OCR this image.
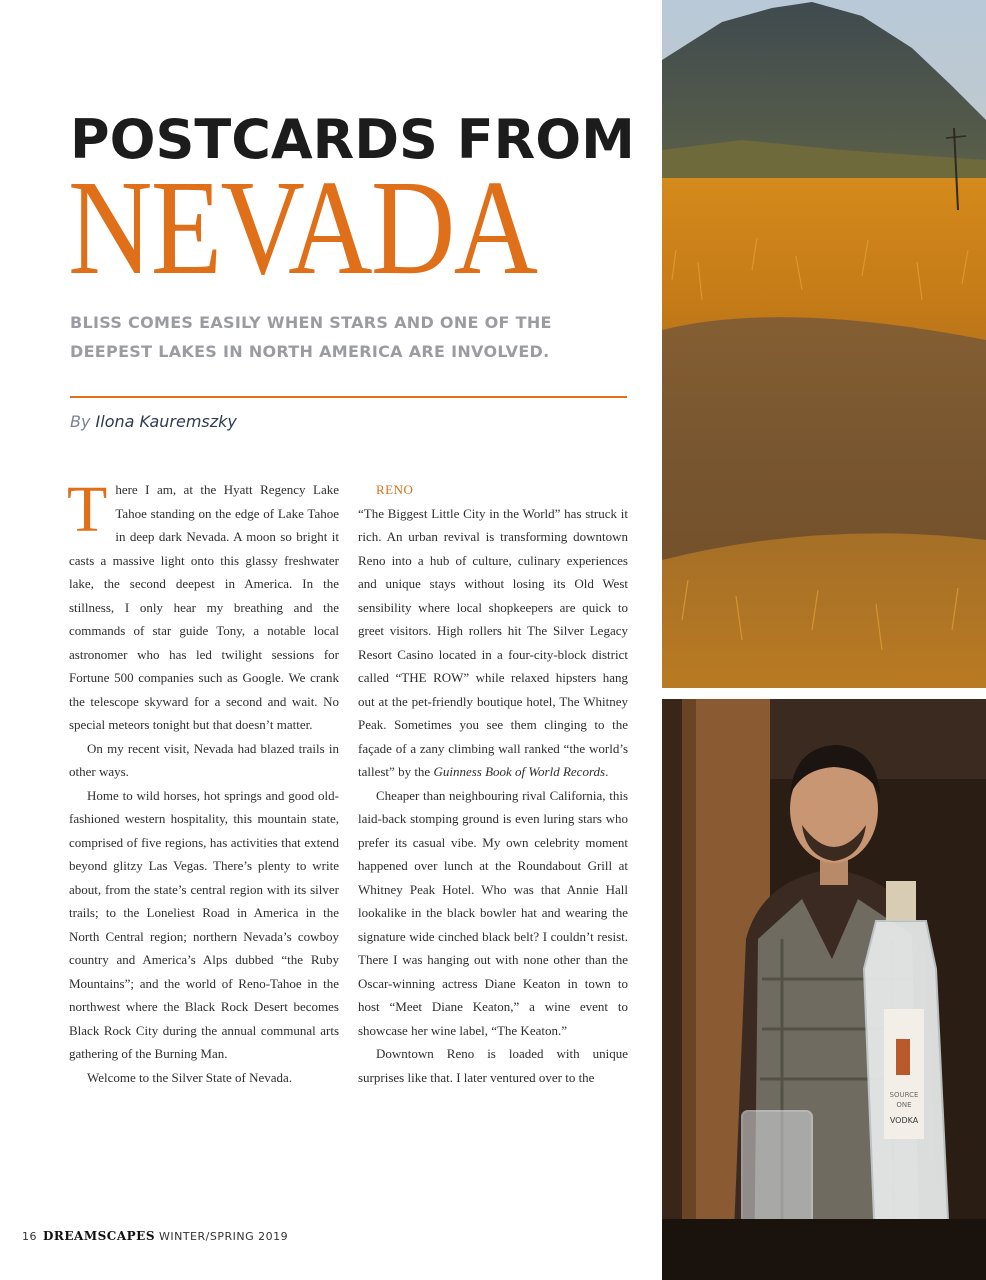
POSTCARDS FROM
NEVADA
BLISS COMES EASILY WHEN STARS AND ONE OF THE DEEPEST LAKES IN NORTH AMERICA ARE INVOLVED.
By Ilona Kauremszky

There I am, at the Hyatt Regency Lake Tahoe standing on the edge of Lake Tahoe in deep dark Nevada. A moon so bright it casts a massive light onto this glassy freshwater lake, the second deepest in America. In the stillness, I only hear my breathing and the commands of star guide Tony, a notable local astronomer who has led twilight sessions for Fortune 500 companies such as Google. We crank the telescope skyward for a second and wait. No special meteors tonight but that doesn’t matter.

On my recent visit, Nevada had blazed trails in other ways.

Home to wild horses, hot springs and good old-fashioned western hospitality, this mountain state, comprised of five regions, has activities that extend beyond glitzy Las Vegas. There’s plenty to write about, from the state’s central region with its silver trails; to the Loneliest Road in America in the North Central region; northern Nevada’s cowboy country and America’s Alps dubbed “the Ruby Mountains”; and the world of Reno-Tahoe in the northwest where the Black Rock Desert becomes Black Rock City during the annual communal arts gathering of the Burning Man.

Welcome to the Silver State of Nevada.

RENO

“The Biggest Little City in the World” has struck it rich. An urban revival is transforming downtown Reno into a hub of culture, culinary experiences and unique stays without losing its Old West sensibility where local shopkeepers are quick to greet visitors. High rollers hit The Silver Legacy Resort Casino located in a four-city-block district called “THE ROW” while relaxed hipsters hang out at the pet-friendly boutique hotel, The Whitney Peak. Sometimes you see them clinging to the façade of a zany climbing wall ranked “the world’s tallest” by the Guinness Book of World Records.

Cheaper than neighbouring rival California, this laid-back stomping ground is even luring stars who prefer its casual vibe. My own celebrity moment happened over lunch at the Roundabout Grill at Whitney Peak Hotel. Who was that Annie Hall lookalike in the black bowler hat and wearing the signature wide cinched black belt? I couldn’t resist. There I was hanging out with none other than the Oscar-winning actress Diane Keaton in town to host “Meet Diane Keaton,” a wine event to showcase her wine label, “The Keaton.”

Downtown Reno is loaded with unique surprises like that. I later ventured over to the

16 DREAMSCAPES WINTER/SPRING 2019
SOURCE
ONE
VODKA
